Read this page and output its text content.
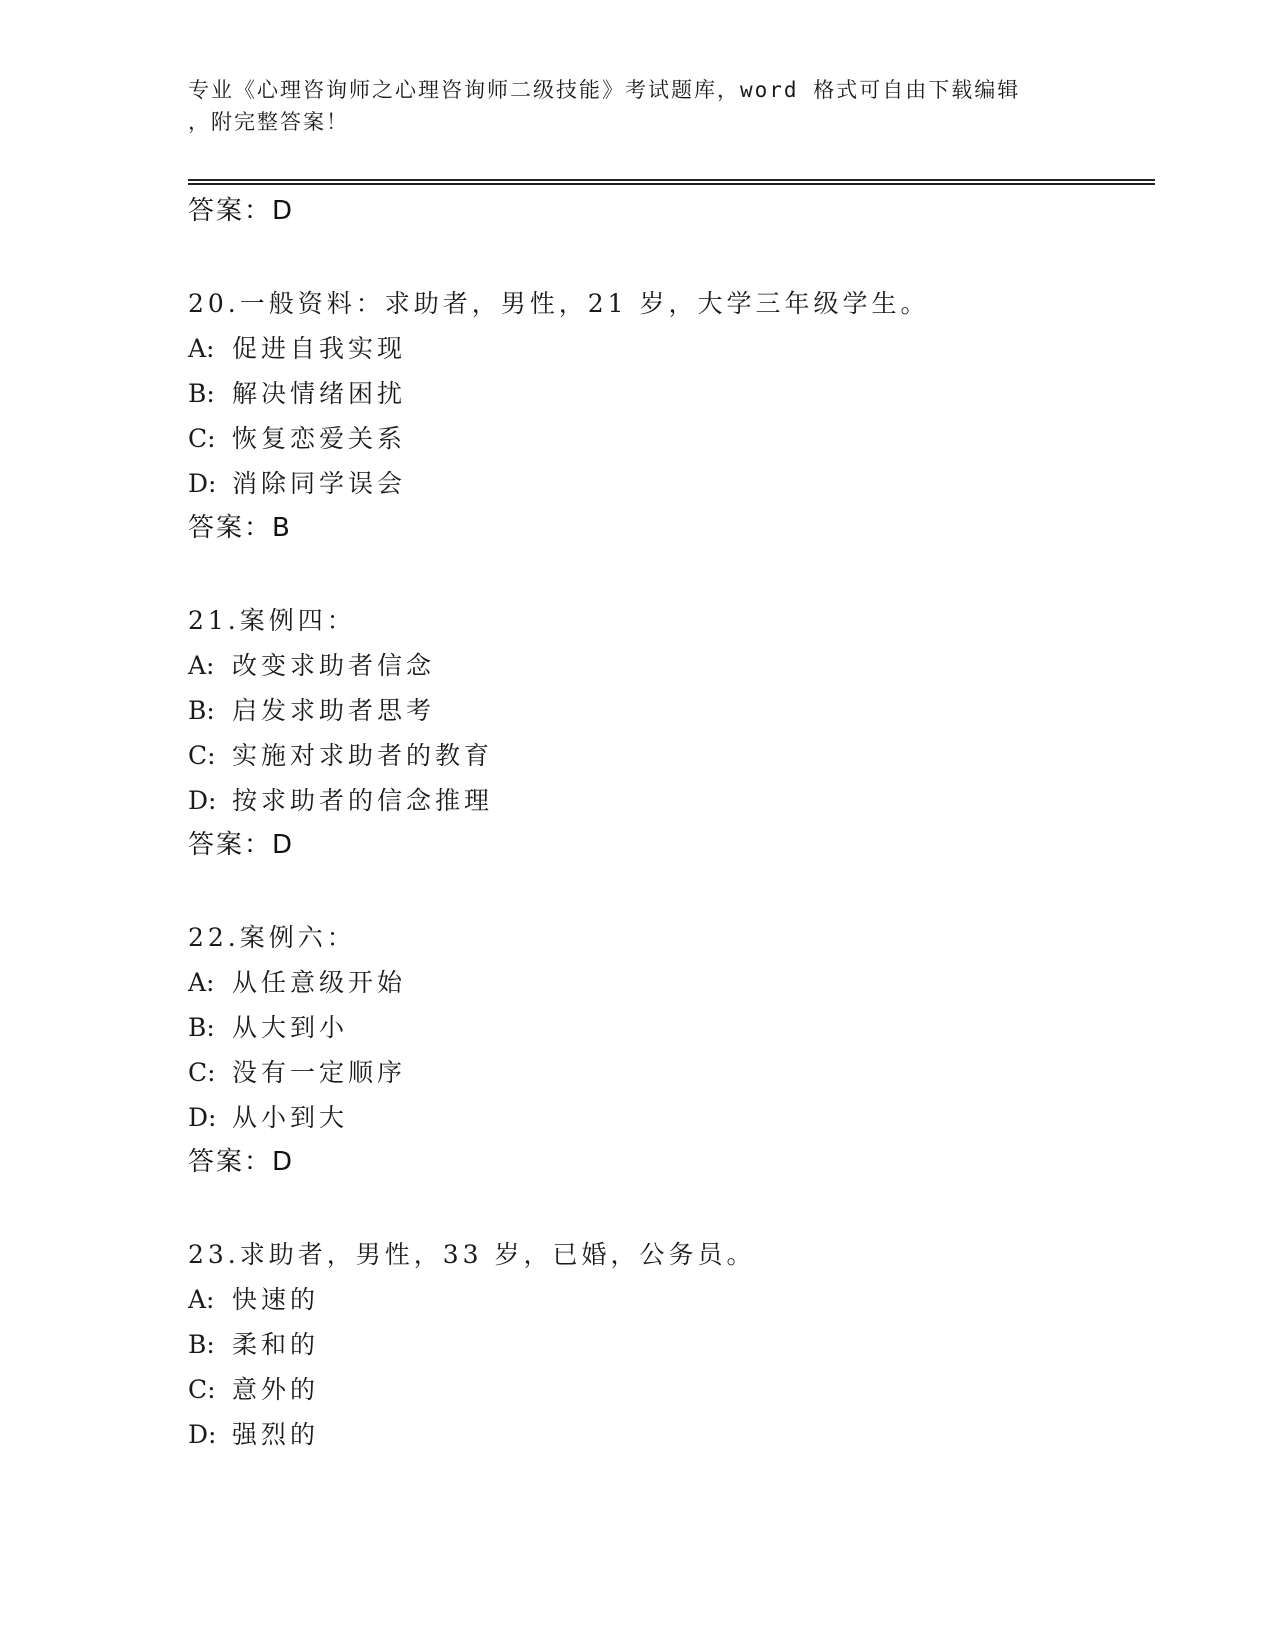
专业《心理咨询师之心理咨询师二级技能》考试题库，word 格式可自由下载编辑
，附完整答案！
答案：D
20.一般资料：求助者，男性，21 岁，大学三年级学生。
A: 促进自我实现
B: 解决情绪困扰
C: 恢复恋爱关系
D: 消除同学误会
答案：B
21.案例四：
A: 改变求助者信念
B: 启发求助者思考
C: 实施对求助者的教育
D: 按求助者的信念推理
答案：D
22.案例六：
A: 从任意级开始
B: 从大到小
C: 没有一定顺序
D: 从小到大
答案：D
23.求助者，男性，33 岁，已婚，公务员。
A: 快速的
B: 柔和的
C: 意外的
D: 强烈的
